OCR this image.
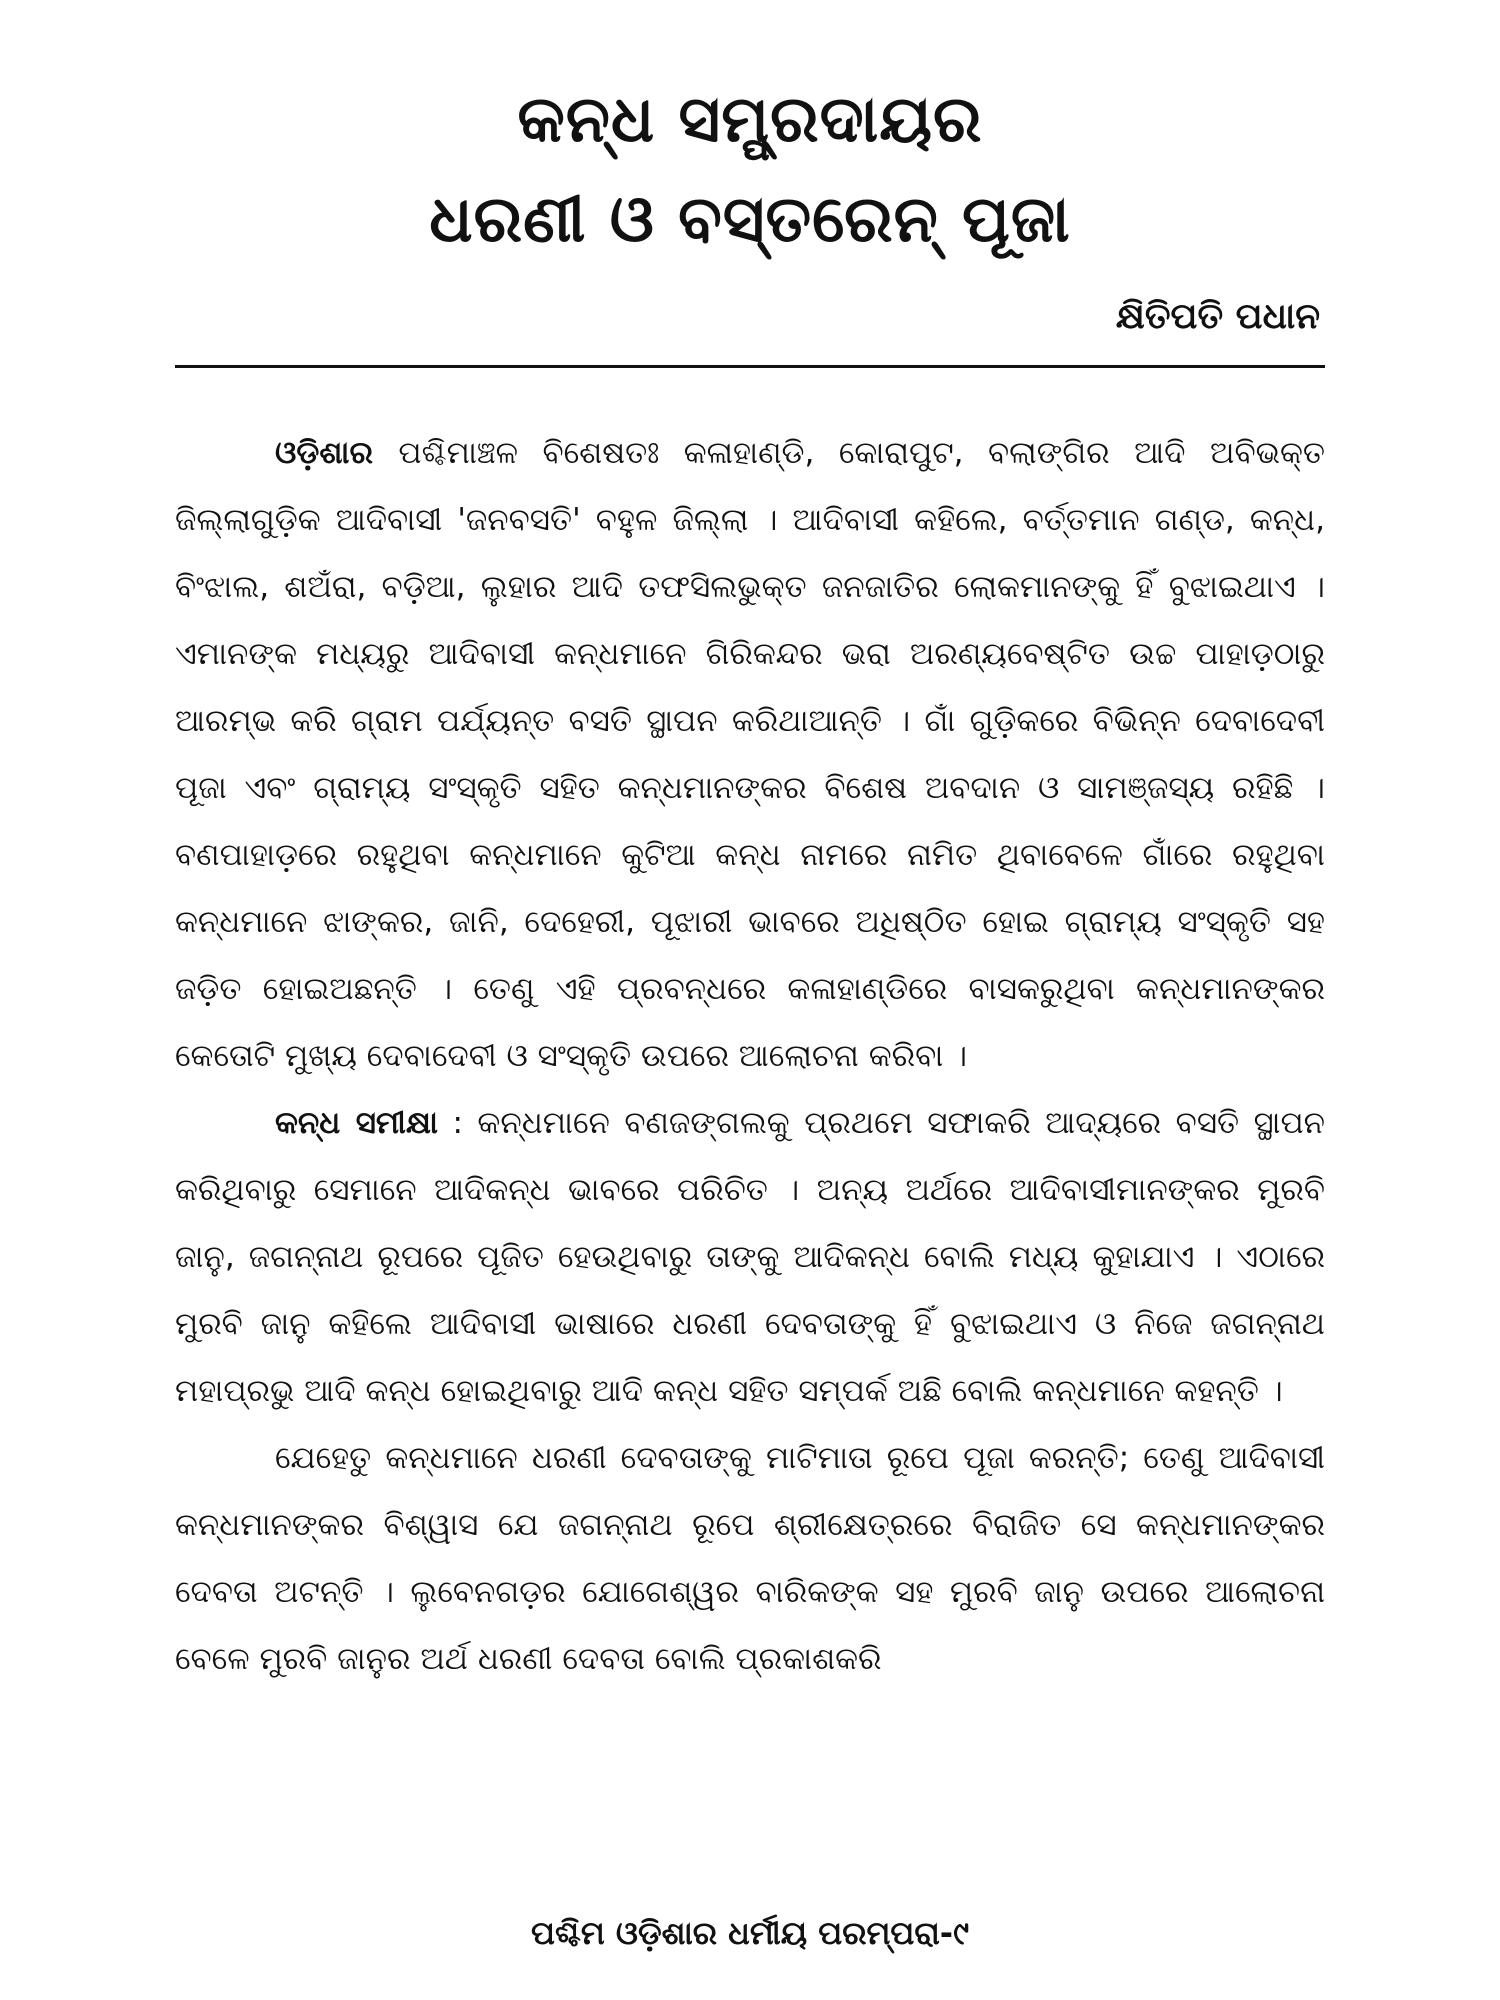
କନ୍ଧ ସମ୍ପ୍ରଦାୟର
ଧରଣୀ ଓ ବସ୍ତରେନ୍ ପୂଜା
କ୍ଷିତିପତି ପଧାନ

ଓଡ଼ିଶାର ପଶ୍ଚିମାଞ୍ଚଳ ବିଶେଷତଃ କଳାହାଣ୍ଡି, କୋରାପୁଟ, ବଲାଙ୍ଗିର ଆଦି ଅବିଭକ୍ତ ଜିଲ୍ଲାଗୁଡ଼ିକ ଆଦିବାସୀ 'ଜନବସତି' ବହୁଳ ଜିଲ୍ଲା । ଆଦିବାସୀ କହିଲେ, ବର୍ତ୍ତମାନ ଗଣ୍ଡ, କନ୍ଧ, ବିଂଝାଲ, ଶଅଁରା, ବଡ଼ିଆ, ଲୁହାର ଆଦି ତଫସିଲଭୁକ୍ତ ଜନଜାତିର ଲୋକମାନଙ୍କୁ ହିଁ ବୁଝାଇଥାଏ । ଏମାନଙ୍କ ମଧ୍ୟରୁ ଆଦିବାସୀ କନ୍ଧମାନେ ଗିରିକନ୍ଦର ଭରା ଅରଣ୍ୟବେଷ୍ଟିତ ଉଚ୍ଚ ପାହାଡ଼ଠାରୁ ଆରମ୍ଭ କରି ଗ୍ରାମ ପର୍ଯ୍ୟନ୍ତ ବସତି ସ୍ଥାପନ କରିଥାଆନ୍ତି । ଗାଁ ଗୁଡ଼ିକରେ ବିଭିନ୍ନ ଦେବାଦେବୀ ପୂଜା ଏବଂ ଗ୍ରାମ୍ୟ ସଂସ୍କୃତି ସହିତ କନ୍ଧମାନଙ୍କର ବିଶେଷ ଅବଦାନ ଓ ସାମଞ୍ଜସ୍ୟ ରହିଛି । ବଣପାହାଡ଼ରେ ରହୁଥିବା କନ୍ଧମାନେ କୁଟିଆ କନ୍ଧ ନାମରେ ନାମିତ ଥିବାବେଳେ ଗାଁରେ ରହୁଥିବା କନ୍ଧମାନେ ଝାଙ୍କର, ଜାନି, ଦେହେରୀ, ପୂଝାରୀ ଭାବରେ ଅଧିଷ୍ଠିତ ହୋଇ ଗ୍ରାମ୍ୟ ସଂସ୍କୃତି ସହ ଜଡ଼ିତ ହୋଇଅଛନ୍ତି । ତେଣୁ ଏହି ପ୍ରବନ୍ଧରେ କଳାହାଣ୍ଡିରେ ବାସକରୁଥିବା କନ୍ଧମାନଙ୍କର କେତୋଟି ମୁଖ୍ୟ ଦେବାଦେବୀ ଓ ସଂସ୍କୃତି ଉପରେ ଆଲୋଚନା କରିବା ।

କନ୍ଧ ସମୀକ୍ଷା : କନ୍ଧମାନେ ବଣଜଙ୍ଗଲକୁ ପ୍ରଥମେ ସଫାକରି ଆଦ୍ୟରେ ବସତି ସ୍ଥାପନ କରିଥିବାରୁ ସେମାନେ ଆଦିକନ୍ଧ ଭାବରେ ପରିଚିତ । ଅନ୍ୟ ଅର୍ଥରେ ଆଦିବାସୀମାନଙ୍କର ମୁରବି ଜାନୁ, ଜଗନ୍ନାଥ ରୂପରେ ପୂଜିତ ହେଉଥିବାରୁ ତାଙ୍କୁ ଆଦିକନ୍ଧ ବୋଲି ମଧ୍ୟ କୁହାଯାଏ । ଏଠାରେ ମୁରବି ଜାନୁ କହିଲେ ଆଦିବାସୀ ଭାଷାରେ ଧରଣୀ ଦେବତାଙ୍କୁ ହିଁ ବୁଝାଇଥାଏ ଓ ନିଜେ ଜଗନ୍ନାଥ ମହାପ୍ରଭୁ ଆଦି କନ୍ଧ ହୋଇଥିବାରୁ ଆଦି କନ୍ଧ ସହିତ ସମ୍ପର୍କ ଅଛି ବୋଲି କନ୍ଧମାନେ କହନ୍ତି ।

ଯେହେତୁ କନ୍ଧମାନେ ଧରଣୀ ଦେବତାଙ୍କୁ ମାଟିମାତା ରୂପେ ପୂଜା କରନ୍ତି; ତେଣୁ ଆଦିବାସୀ କନ୍ଧମାନଙ୍କର ବିଶ୍ୱାସ ଯେ ଜଗନ୍ନାଥ ରୂପେ ଶ୍ରୀକ୍ଷେତ୍ରରେ ବିରାଜିତ ସେ କନ୍ଧମାନଙ୍କର ଦେବତା ଅଟନ୍ତି । ଲୁବେନଗଡ଼ର ଯୋଗେଶ୍ୱର ବାରିକଙ୍କ ସହ ମୁରବି ଜାନୁ ଉପରେ ଆଲୋଚନା ବେଳେ ମୁରବି ଜାନୁର ଅର୍ଥ ଧରଣୀ ଦେବତା ବୋଲି ପ୍ରକାଶକରି

ପଶ୍ଚିମ ଓଡ଼ିଶାର ଧର୍ମୀୟ ପରମ୍ପରା-୯
